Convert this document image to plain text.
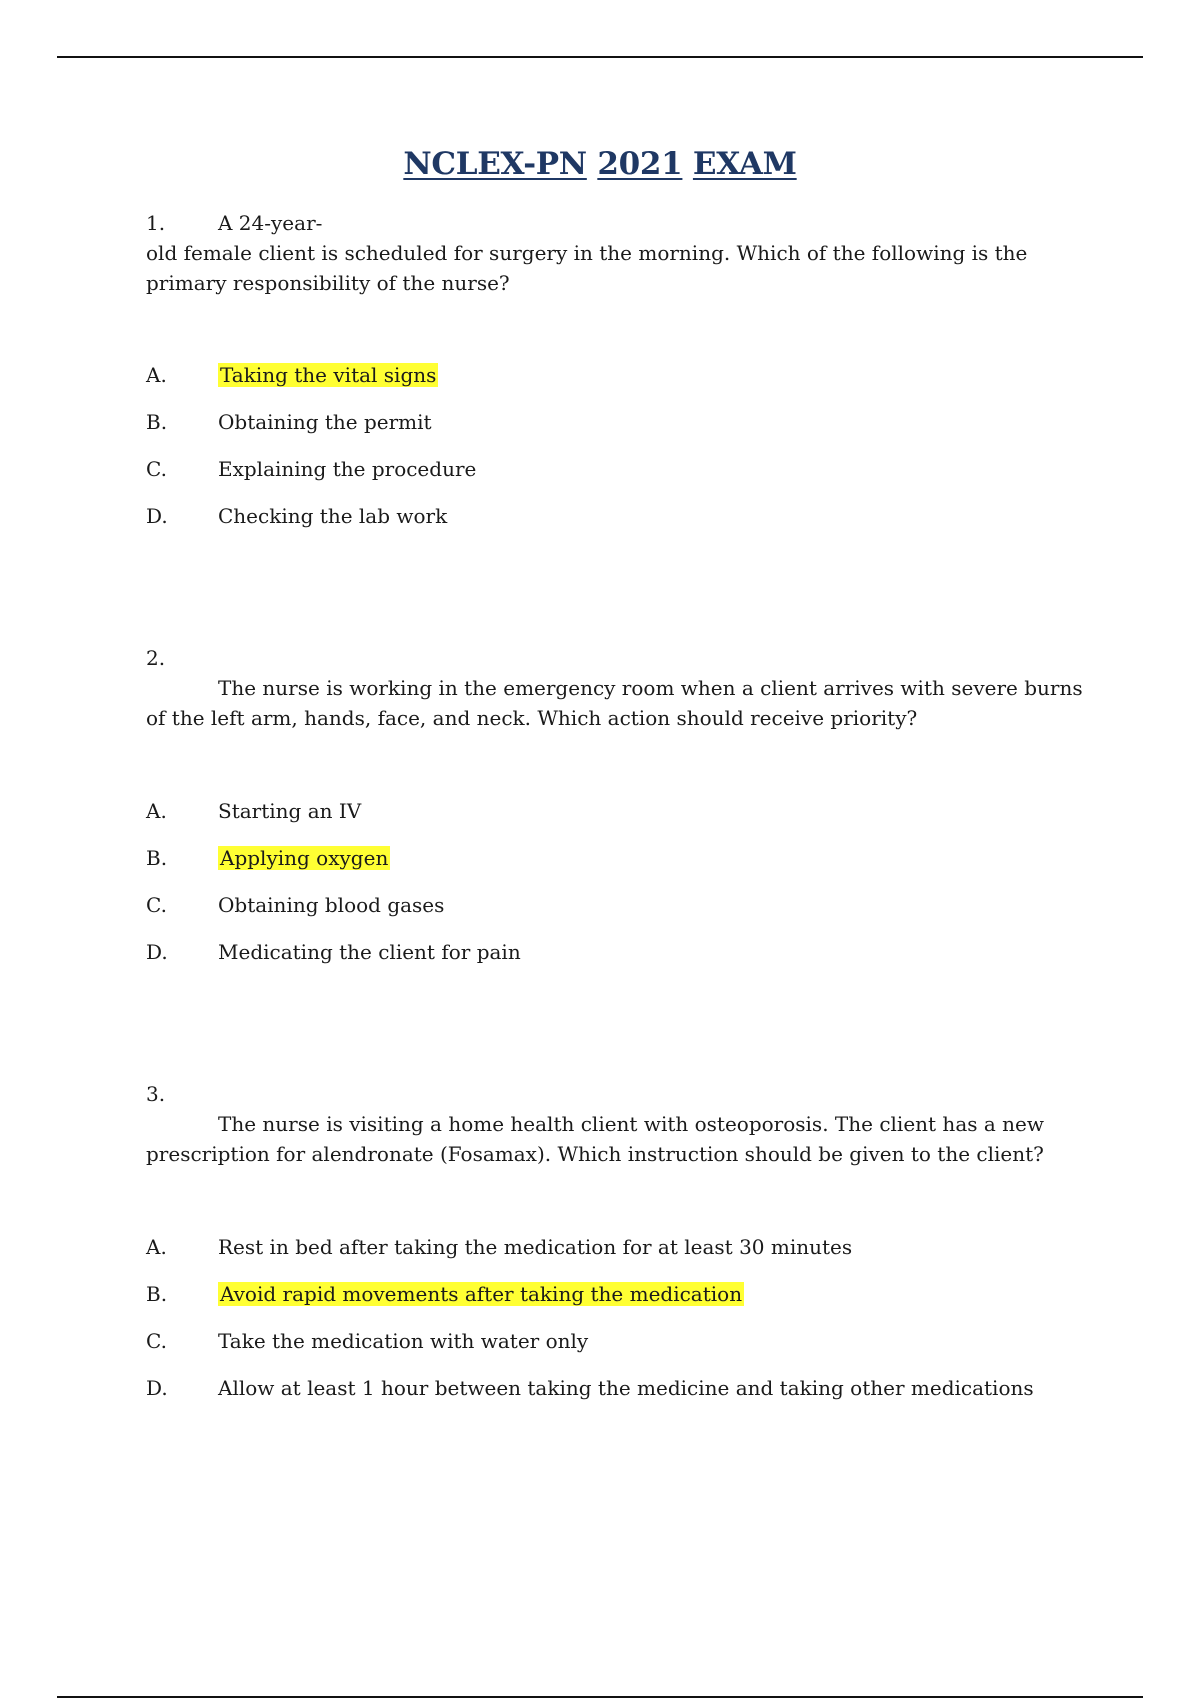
NCLEX-PN 2021 EXAM
1.	A 24-year-
old female client is scheduled for surgery in the morning. Which of the following is the primary responsibility of the nurse?
A.	Taking the vital signs
B.	Obtaining the permit
C.	Explaining the procedure
D.	Checking the lab work
2.
The nurse is working in the emergency room when a client arrives with severe burns of the left arm, hands, face, and neck. Which action should receive priority?
A.	Starting an IV
B.	Applying oxygen
C.	Obtaining blood gases
D.	Medicating the client for pain
3.
The nurse is visiting a home health client with osteoporosis. The client has a new prescription for alendronate (Fosamax). Which instruction should be given to the client?
A.	Rest in bed after taking the medication for at least 30 minutes
B.	Avoid rapid movements after taking the medication
C.	Take the medication with water only
D.	Allow at least 1 hour between taking the medicine and taking other medications
